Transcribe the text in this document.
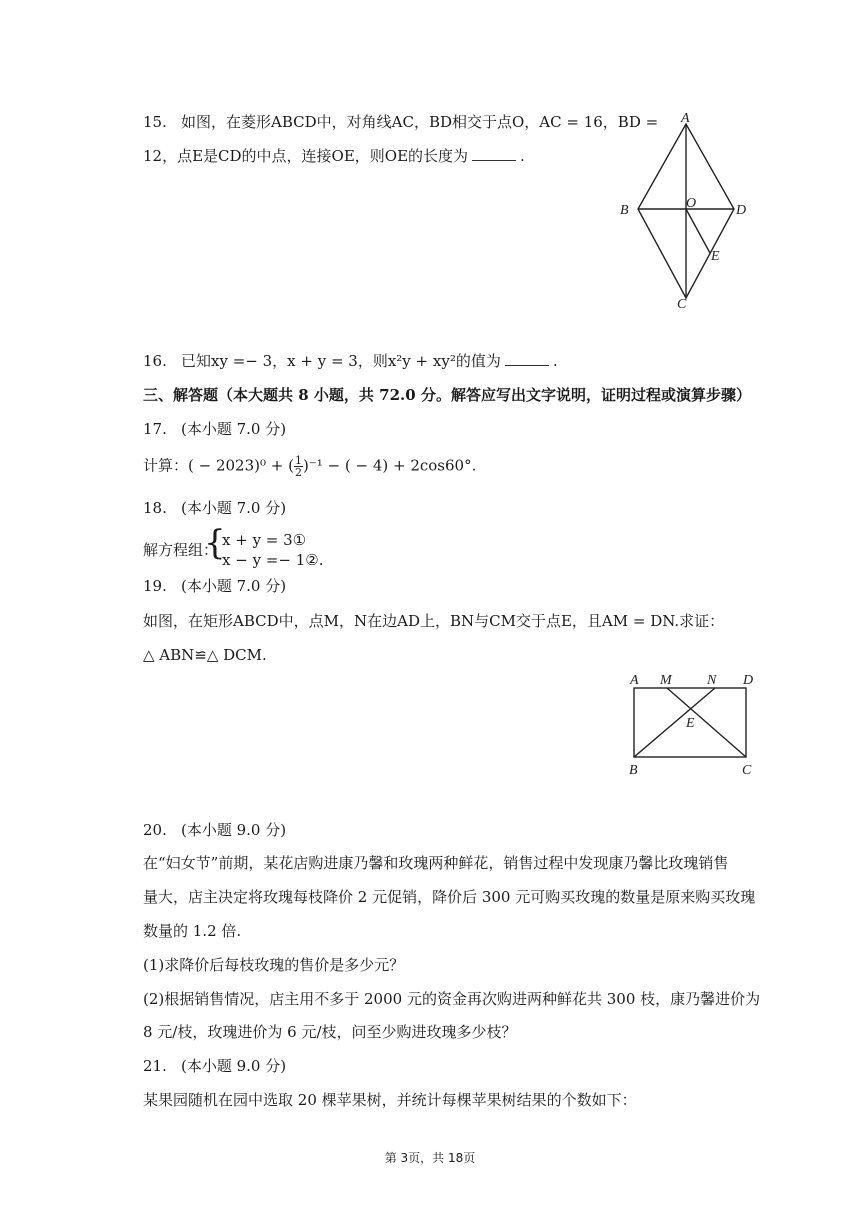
15. 如图，在菱形ABCD中，对角线AC，BD相交于点O，AC = 16，BD =
12，点E是CD的中点，连接OE，则OE的长度为	.
A
B	O	D
E
C
16. 已知xy =− 3，x + y = 3，则x²y + xy²的值为	.
三、解答题（本大题共 8 小题，共 72.0 分。解答应写出文字说明，证明过程或演算步骤）
17. (本小题 7.0 分)
计算：( − 2023)⁰ + ( $\frac{1}{2} )^{-1}$ − ( − 4) + 2cos60°.
18. (本小题 7.0 分)
解方程组：
{
x + y = 3①
x − y =− 1②.
19. (本小题 7.0 分)
如图，在矩形ABCD中，点M，N在边AD上，BN与CM交于点E，且AM = DN.求证：
△ ABN≌△ DCM.
A M	N D
E
B	C
20. (本小题 9.0 分)
在“妇女节”前期，某花店购进康乃馨和玫瑰两种鲜花，销售过程中发现康乃馨比玫瑰销售
量大，店主决定将玫瑰每枝降价 2 元促销，降价后 300 元可购买玫瑰的数量是原来购买玫瑰
数量的 1.2 倍.
(1)求降价后每枝玫瑰的售价是多少元？
(2)根据销售情况，店主用不多于 2000 元的资金再次购进两种鲜花共 300 枝，康乃馨进价为
8 元/枝，玫瑰进价为 6 元/枝，问至少购进玫瑰多少枝？
21. (本小题 9.0 分)
某果园随机在园中选取 20 棵苹果树，并统计每棵苹果树结果的个数如下：
第 3页，共 18页
